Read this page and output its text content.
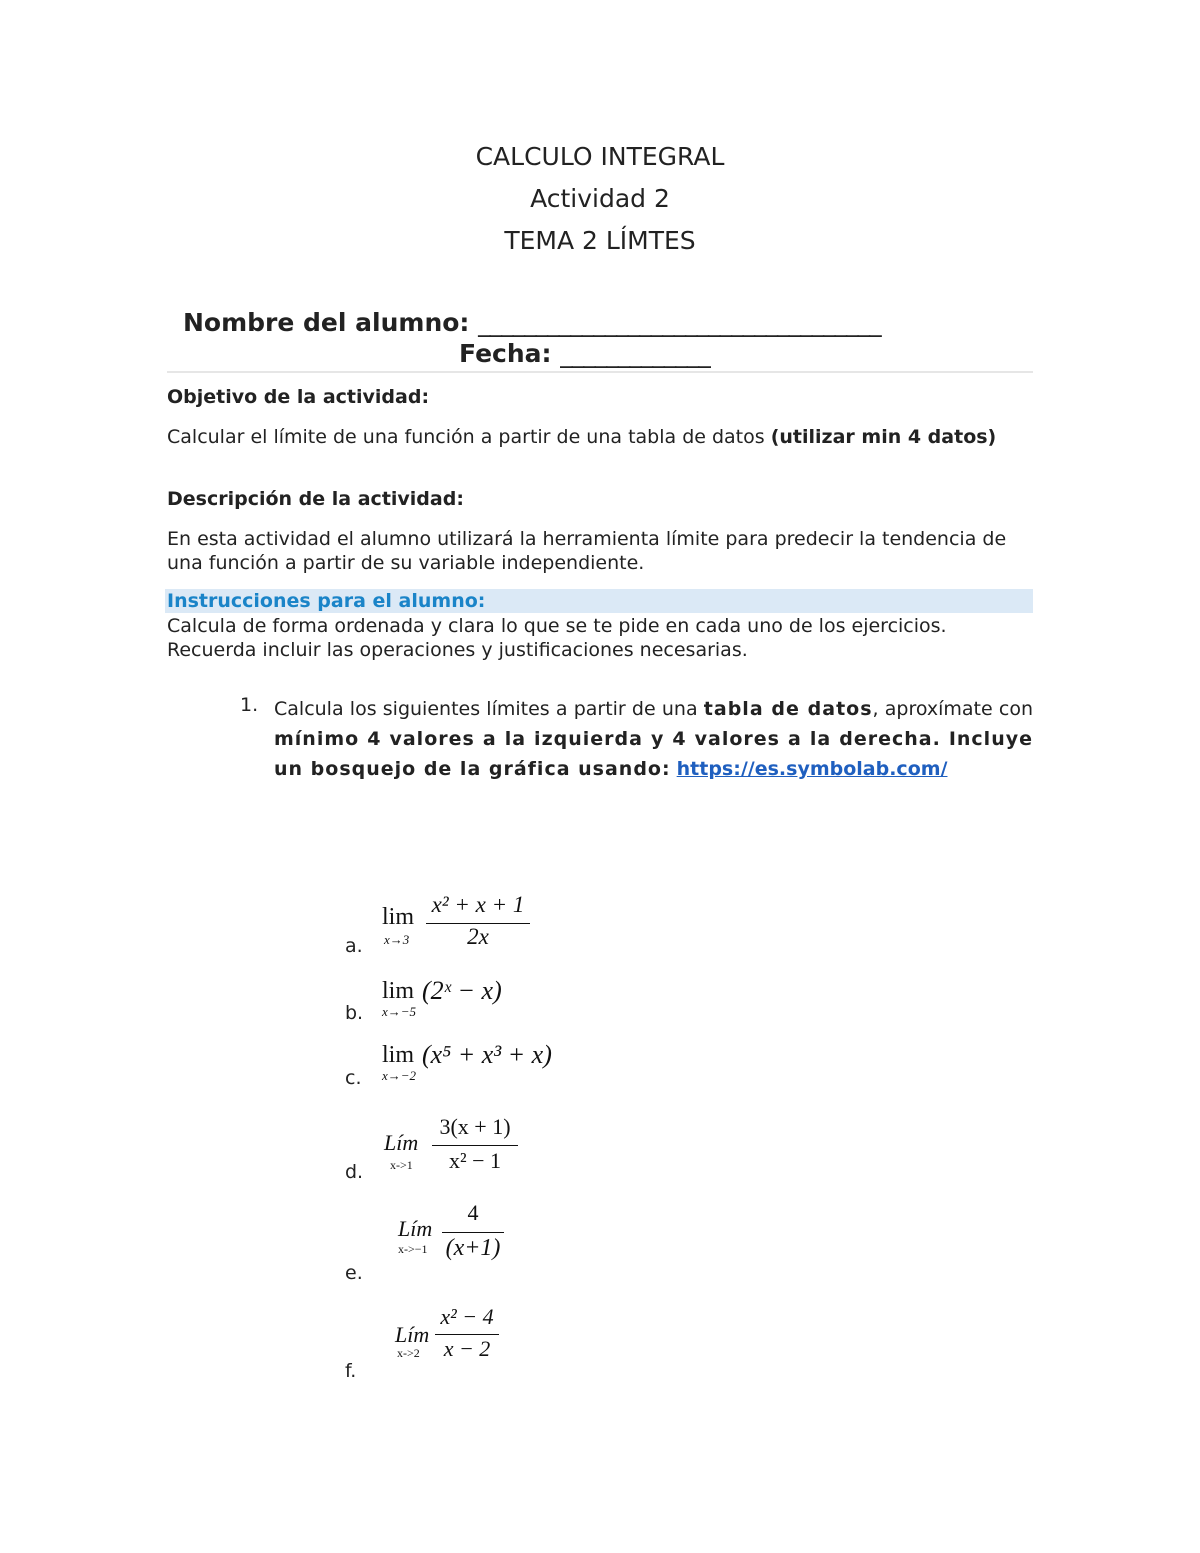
CALCULO INTEGRAL
Actividad 2
TEMA 2 LÍMTES
Nombre del alumno: ___________________________________
Fecha: _____________
Objetivo de la actividad:
Calcular el límite de una función a partir de una tabla de datos (utilizar min 4 datos)
Descripción de la actividad:
En esta actividad el alumno utilizará la herramienta límite para predecir la tendencia de una función a partir de su variable independiente.
Instrucciones para el alumno:
Calcula de forma ordenada y clara lo que se te pide en cada uno de los ejercicios. Recuerda incluir las operaciones y justificaciones necesarias.
1. Calcula los siguientes límites a partir de una tabla de datos, aproxímate con mínimo 4 valores a la izquierda y 4 valores a la derecha. Incluye un bosquejo de la gráfica usando: https://es.symbolab.com/
a.
lim
x→3
x² + x + 1
2x
b.
lim
x→−5
(2ˣ − x)
c.
lim
x→−2
(x⁵ + x³ + x)
d.
Lím
x->1
3(x + 1)
x² − 1
e.
Lím
x->−1
4
(x+1)
f.
Lím
x->2
x² − 4
x − 2
